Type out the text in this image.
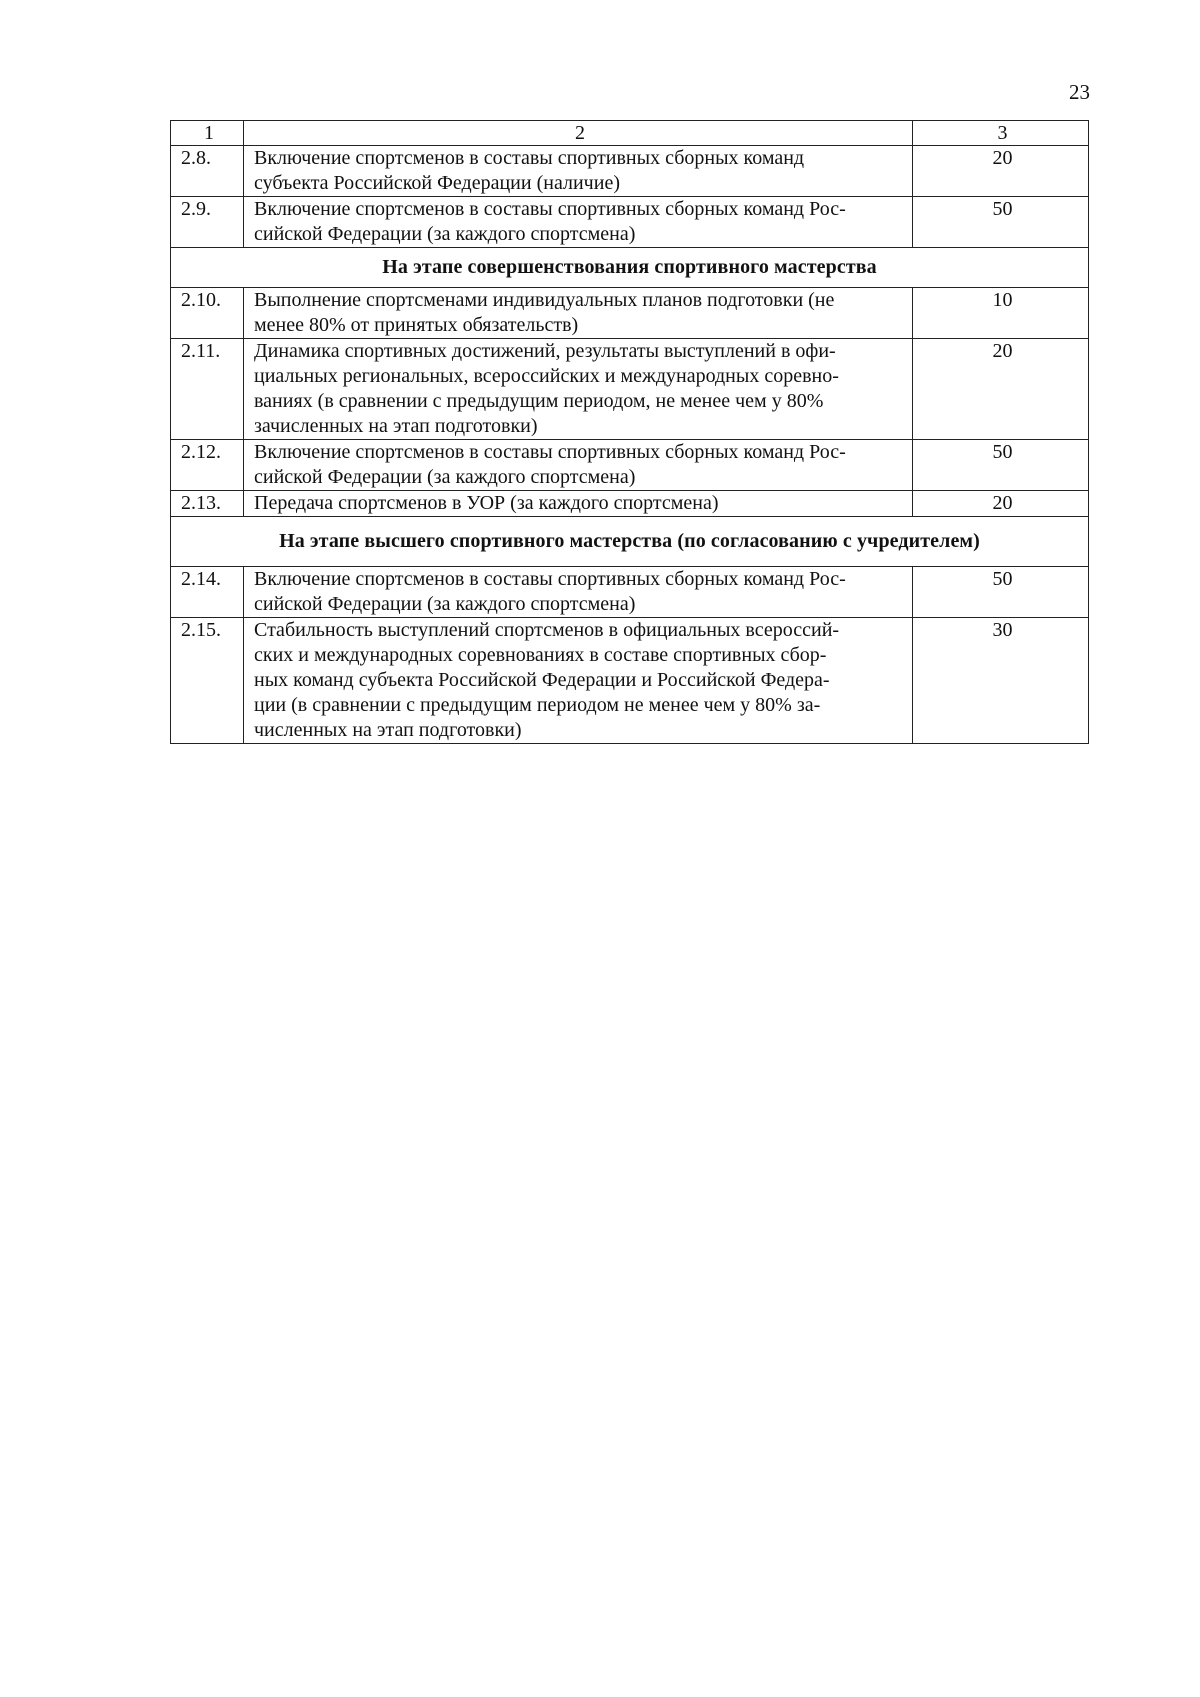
23
1	2	3
2.8.	Включение спортсменов в составы спортивных сборных команд
субъекта Российской Федерации (наличие)	20
2.9.	Включение спортсменов в составы спортивных сборных команд Рос-
сийской Федерации (за каждого спортсмена)	50
На этапе совершенствования спортивного мастерства		
2.10.	Выполнение спортсменами индивидуальных планов подготовки (не
менее 80% от принятых обязательств)	10
2.11.	Динамика спортивных достижений, результаты выступлений в офи-
циальных региональных, всероссийских и международных соревно-
ваниях (в сравнении с предыдущим периодом, не менее чем у 80%
зачисленных на этап подготовки)	20
2.12.	Включение спортсменов в составы спортивных сборных команд Рос-
сийской Федерации (за каждого спортсмена)	50
2.13.	Передача спортсменов в УОР (за каждого спортсмена)	20
На этапе высшего спортивного мастерства (по согласованию с учредителем)		
2.14.	Включение спортсменов в составы спортивных сборных команд Рос-
сийской Федерации (за каждого спортсмена)	50
2.15.	Стабильность выступлений спортсменов в официальных всероссий-
ских и международных соревнованиях в составе спортивных сбор-
ных команд субъекта Российской Федерации и Российской Федера-
ции (в сравнении с предыдущим периодом не менее чем у 80% за-
численных на этап подготовки)	30
